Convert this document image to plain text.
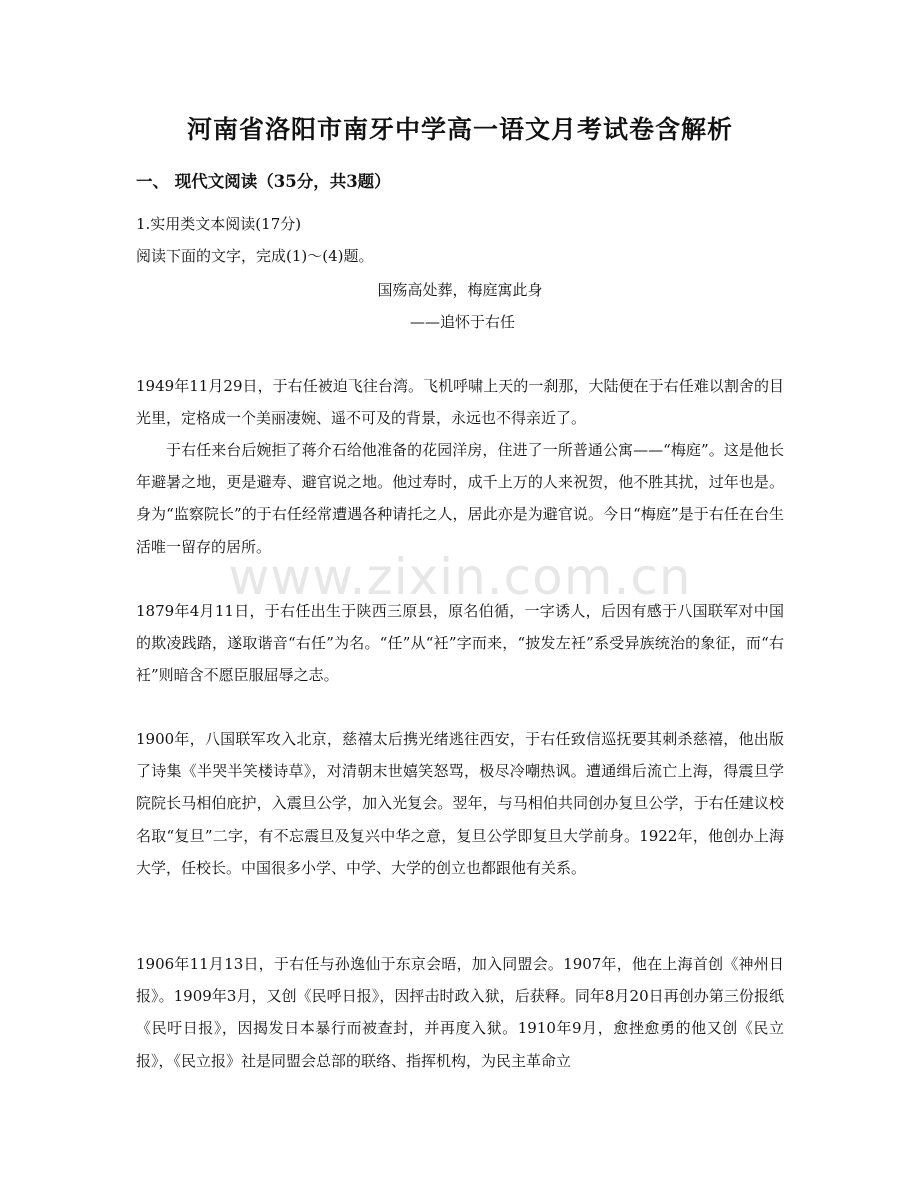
河南省洛阳市南牙中学高一语文月考试卷含解析
一、 现代文阅读（35分，共3题）
1.实用类文本阅读(17分)
阅读下面的文字，完成(1)～(4)题。
国殇高处葬，梅庭寓此身
——追怀于右任
1949年11月29日，于右任被迫飞往台湾。飞机呼啸上天的一刹那，大陆便在于右任难以割舍的目光里，定格成一个美丽凄婉、遥不可及的背景，永远也不得亲近了。
于右任来台后婉拒了蒋介石给他准备的花园洋房，住进了一所普通公寓——“梅庭”。这是他长年避暑之地，更是避寿、避官说之地。他过寿时，成千上万的人来祝贺，他不胜其扰，过年也是。身为“监察院长”的于右任经常遭遇各种请托之人，居此亦是为避官说。今日“梅庭”是于右任在台生活唯一留存的居所。
1879年4月11日，于右任出生于陕西三原县，原名伯循，一字诱人，后因有感于八国联军对中国的欺凌践踏，遂取谐音“右任”为名。“任”从“衽”字而来，“披发左衽”系受异族统治的象征，而“右衽”则暗含不愿臣服屈辱之志。
1900年，八国联军攻入北京，慈禧太后携光绪逃往西安，于右任致信巡抚要其刺杀慈禧，他出版了诗集《半哭半笑楼诗草》，对清朝末世嬉笑怒骂，极尽冷嘲热讽。遭通缉后流亡上海，得震旦学院院长马相伯庇护，入震旦公学，加入光复会。翌年，与马相伯共同创办复旦公学，于右任建议校名取“复旦”二字，有不忘震旦及复兴中华之意，复旦公学即复旦大学前身。1922年，他创办上海大学，任校长。中国很多小学、中学、大学的创立也都跟他有关系。
1906年11月13日，于右任与孙逸仙于东京会晤，加入同盟会。1907年，他在上海首创《神州日报》。1909年3月，又创《民呼日报》，因抨击时政入狱，后获释。同年8月20日再创办第三份报纸《民吁日报》，因揭发日本暴行而被查封，并再度入狱。1910年9月，愈挫愈勇的他又创《民立报》，《民立报》社是同盟会总部的联络、指挥机构，为民主革命立
www.zixin.com.cn
